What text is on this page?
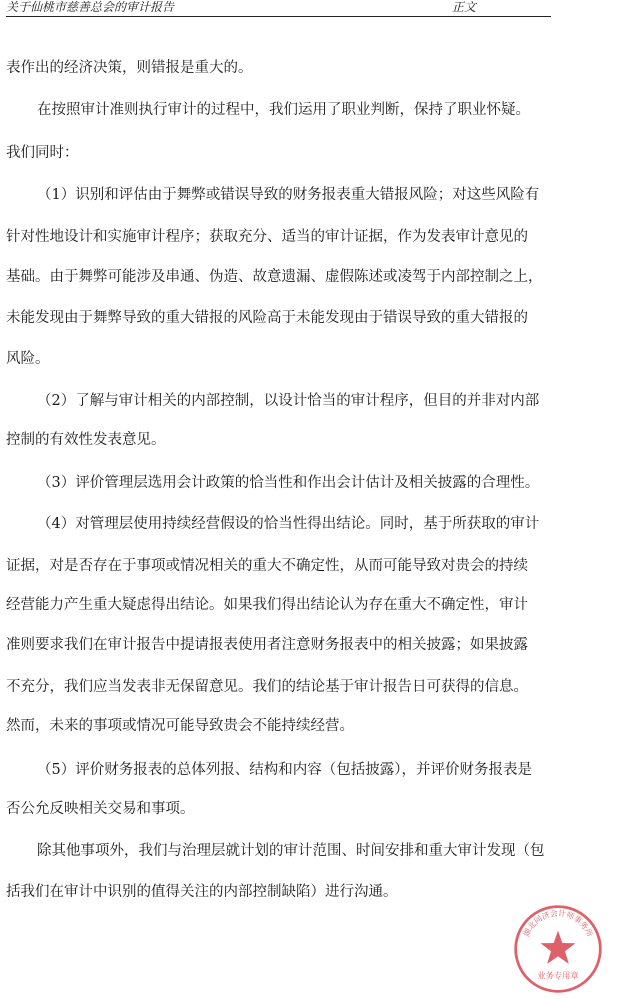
关于仙桃市慈善总会的审计报告	正文
表作出的经济决策，则错报是重大的。
在按照审计准则执行审计的过程中，我们运用了职业判断，保持了职业怀疑。
我们同时：
（1）识别和评估由于舞弊或错误导致的财务报表重大错报风险；对这些风险有
针对性地设计和实施审计程序；获取充分、适当的审计证据，作为发表审计意见的
基础。由于舞弊可能涉及串通、伪造、故意遗漏、虚假陈述或凌驾于内部控制之上，
未能发现由于舞弊导致的重大错报的风险高于未能发现由于错误导致的重大错报的
风险。
（2）了解与审计相关的内部控制，以设计恰当的审计程序，但目的并非对内部
控制的有效性发表意见。
（3）评价管理层选用会计政策的恰当性和作出会计估计及相关披露的合理性。
（4）对管理层使用持续经营假设的恰当性得出结论。同时，基于所获取的审计
证据，对是否存在于事项或情况相关的重大不确定性，从而可能导致对贵会的持续
经营能力产生重大疑虑得出结论。如果我们得出结论认为存在重大不确定性，审计
准则要求我们在审计报告中提请报表使用者注意财务报表中的相关披露；如果披露
不充分，我们应当发表非无保留意见。我们的结论基于审计报告日可获得的信息。
然而，未来的事项或情况可能导致贵会不能持续经营。
（5）评价财务报表的总体列报、结构和内容（包括披露），并评价财务报表是
否公允反映相关交易和事项。
除其他事项外，我们与治理层就计划的审计范围、时间安排和重大审计发现（包
括我们在审计中识别的值得关注的内部控制缺陷）进行沟通。
湖北同济会计师事务所
业务专用章
